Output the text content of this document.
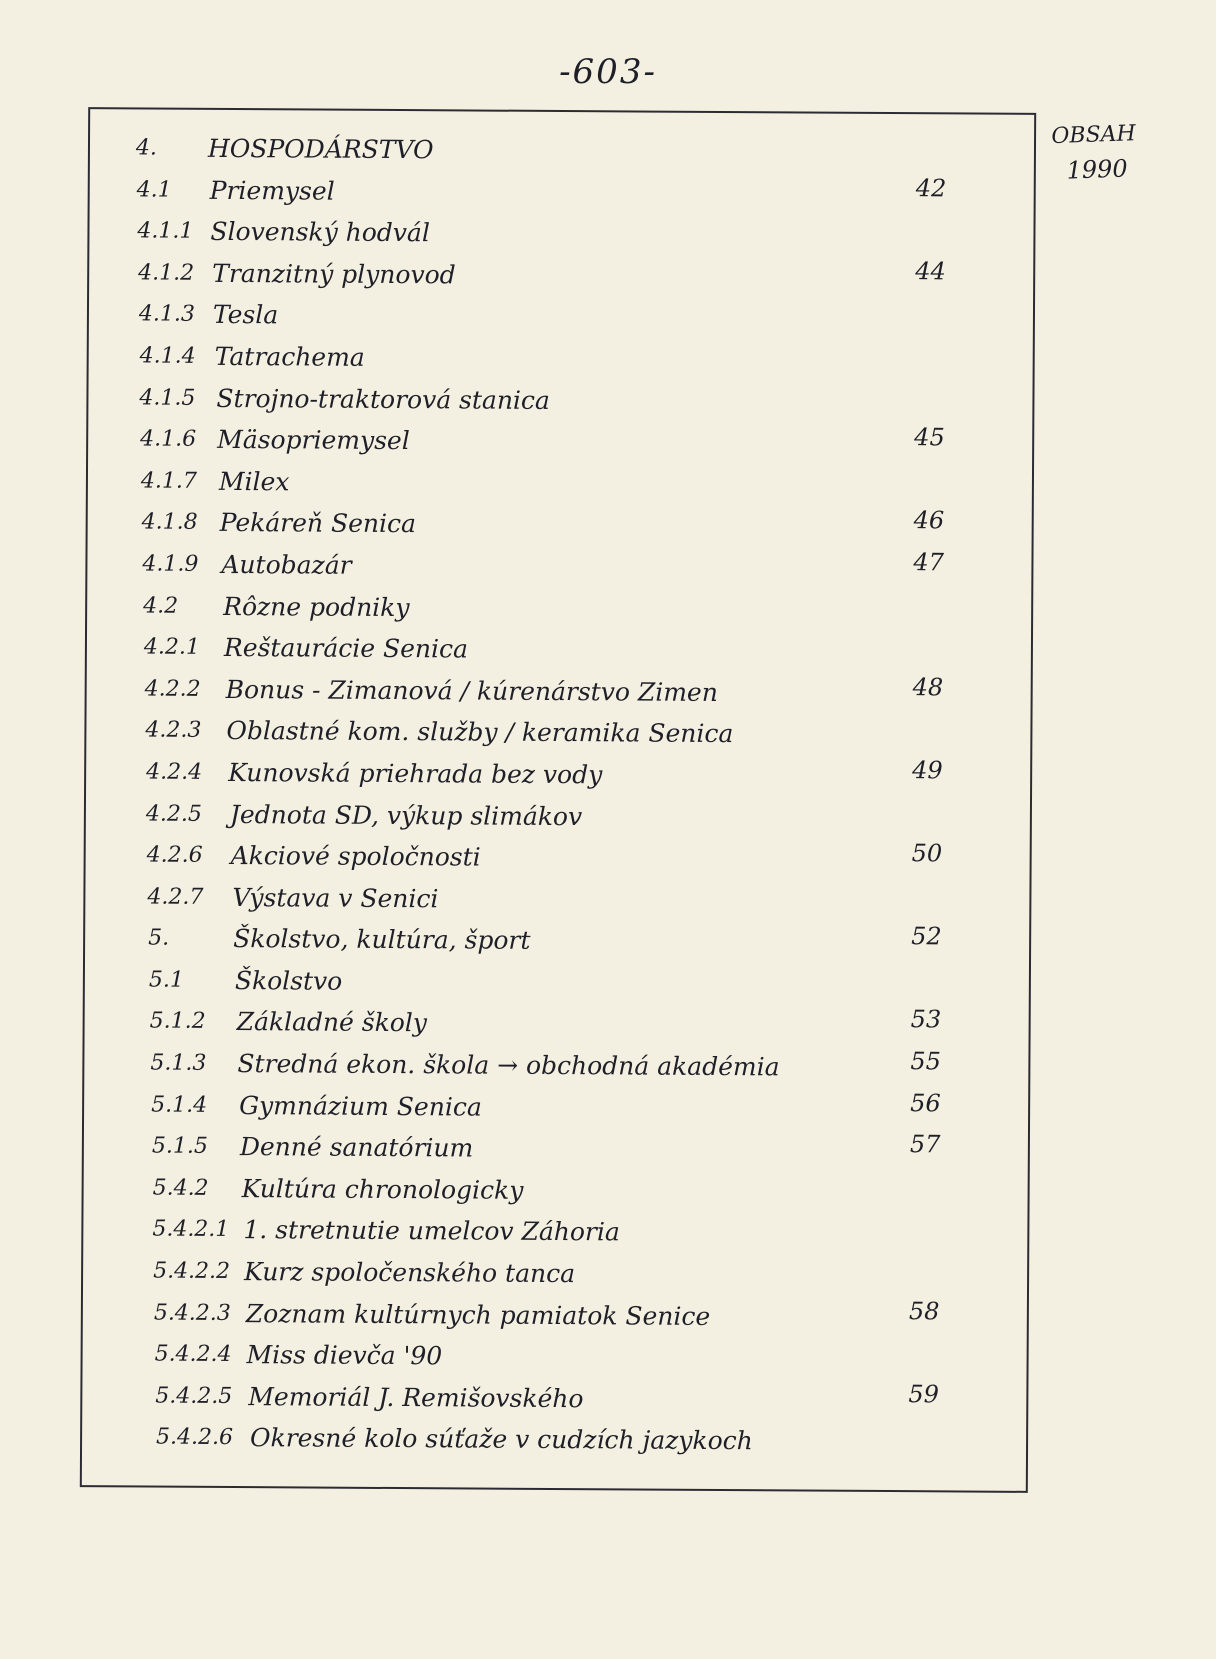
-603-
OBSAH
1990
4. HOSPODÁRSTVO
4.1 Priemysel	42
4.1.1 Slovenský hodvál
4.1.2 Tranzitný plynovod	44
4.1.3 Tesla
4.1.4 Tatrachema
4.1.5 Strojno-traktorová stanica
4.1.6 Mäsopriemysel	45
4.1.7 Milex
4.1.8 Pekáreň Senica	46
4.1.9 Autobazár	47
4.2 Rôzne podniky
4.2.1 Reštaurácie Senica
4.2.2 Bonus - Zimanová / kúrenárstvo Zimen	48
4.2.3 Oblastné kom. služby / keramika Senica
4.2.4 Kunovská priehrada bez vody	49
4.2.5 Jednota SD, výkup slimákov
4.2.6 Akciové spoločnosti	50
4.2.7 Výstava v Senici
5.	Školstvo, kultúra, šport	52
5.1 Školstvo
5.1.2 Základné školy	53
5.1.3 Stredná ekon. škola → obchodná akadémia	55
5.1.4 Gymnázium Senica	56
5.1.5 Denné sanatórium	57
5.4.2 Kultúra chronologicky
5.4.2.1 1. stretnutie umelcov Záhoria
5.4.2.2 Kurz spoločenského tanca
5.4.2.3 Zoznam kultúrnych pamiatok Senice	58
5.4.2.4 Miss dievča '90
5.4.2.5 Memoriál J. Remišovského	59
5.4.2.6 Okresné kolo súťaže v cudzích jazykoch
